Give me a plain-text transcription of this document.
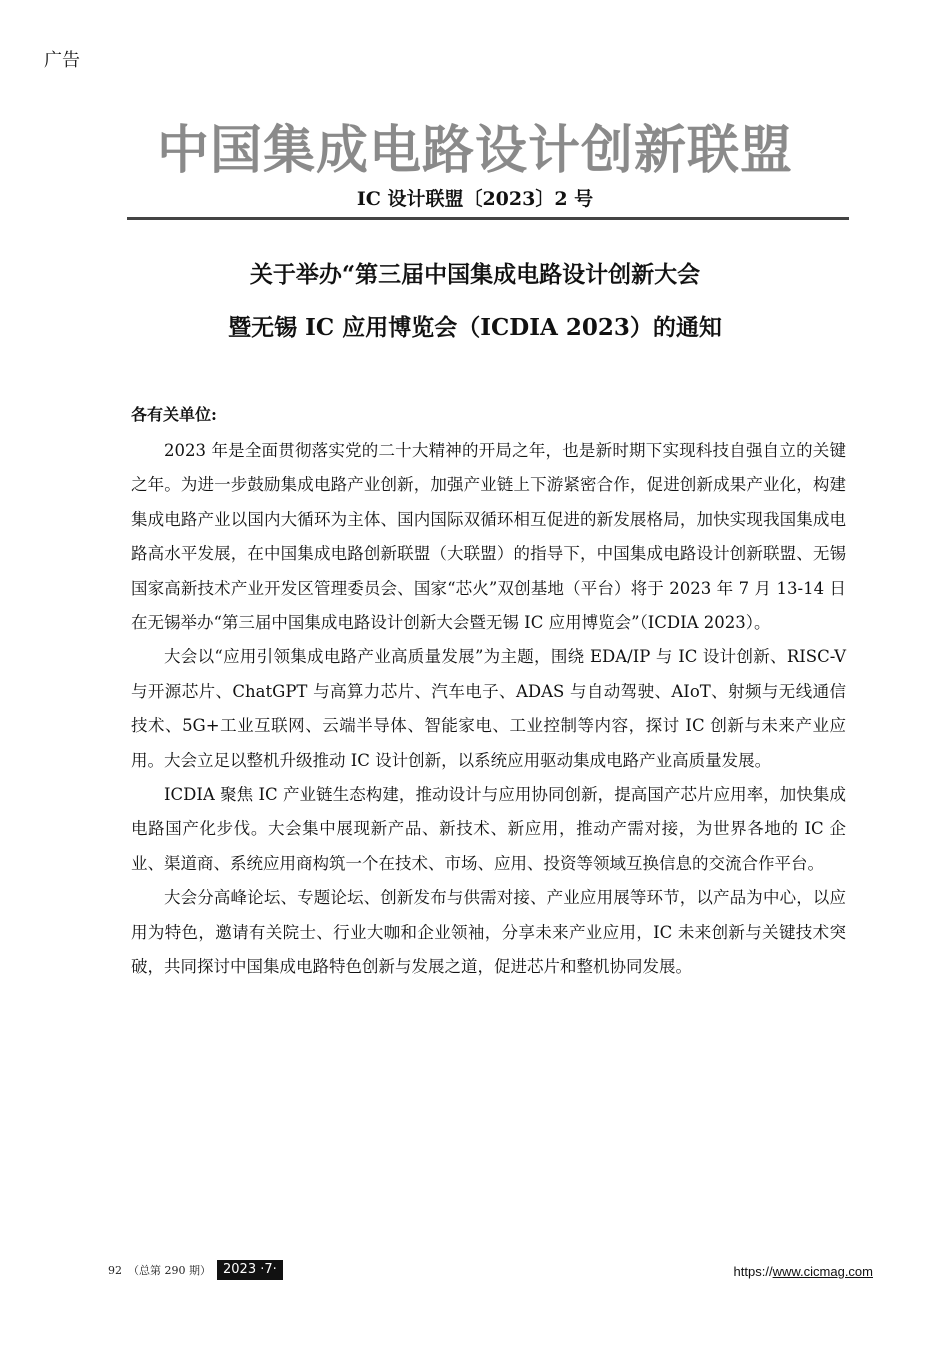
广告
中国集成电路设计创新联盟
IC 设计联盟〔2023〕2 号
关于举办“第三届中国集成电路设计创新大会
暨无锡 IC 应用博览会（ICDIA 2023）的通知
各有关单位:

2023 年是全面贯彻落实党的二十大精神的开局之年，也是新时期下实现科技自强自立的关键之年。为进一步鼓励集成电路产业创新，加强产业链上下游紧密合作，促进创新成果产业化，构建集成电路产业以国内大循环为主体、国内国际双循环相互促进的新发展格局，加快实现我国集成电路高水平发展，在中国集成电路创新联盟（大联盟）的指导下，中国集成电路设计创新联盟、无锡国家高新技术产业开发区管理委员会、国家“芯火”双创基地（平台）将于 2023 年 7 月 13-14 日在无锡举办“第三届中国集成电路设计创新大会暨无锡 IC 应用博览会”（ICDIA 2023）。

大会以“应用引领集成电路产业高质量发展”为主题，围绕 EDA/IP 与 IC 设计创新、RISC-V 与开源芯片、ChatGPT 与高算力芯片、汽车电子、ADAS 与自动驾驶、AIoT、射频与无线通信技术、5G+工业互联网、云端半导体、智能家电、工业控制等内容，探讨 IC 创新与未来产业应用。大会立足以整机升级推动 IC 设计创新，以系统应用驱动集成电路产业高质量发展。

ICDIA 聚焦 IC 产业链生态构建，推动设计与应用协同创新，提高国产芯片应用率，加快集成电路国产化步伐。大会集中展现新产品、新技术、新应用，推动产需对接，为世界各地的 IC 企业、渠道商、系统应用商构筑一个在技术、市场、应用、投资等领域互换信息的交流合作平台。

大会分高峰论坛、专题论坛、创新发布与供需对接、产业应用展等环节，以产品为中心，以应用为特色，邀请有关院士、行业大咖和企业领袖，分享未来产业应用，IC 未来创新与关键技术突破，共同探讨中国集成电路特色创新与发展之道，促进芯片和整机协同发展。

92 （总第 290 期） 2023 ·7·	https://www.cicmag.com
